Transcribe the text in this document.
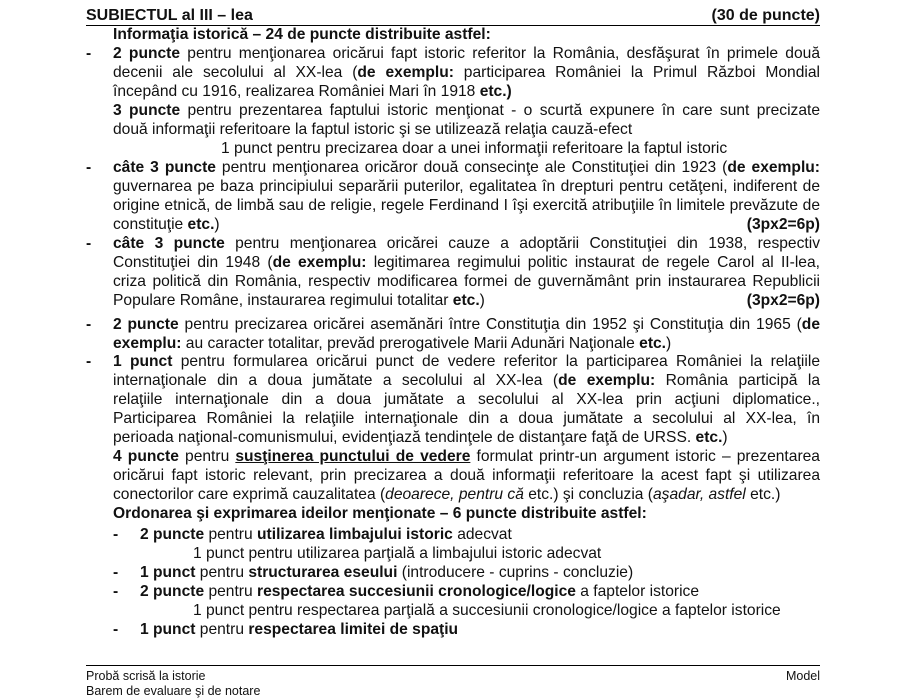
SUBIECTUL al III – lea	(30 de puncte)
Informaţia istorică – 24 de puncte distribuite astfel:
- 2 puncte pentru menţionarea oricărui fapt istoric referitor la România, desfăşurat în primele două
decenii ale secolului al XX-lea (de exemplu: participarea României la Primul Război Mondial
începând cu 1916, realizarea României Mari în 1918 etc.)
3 puncte pentru prezentarea faptului istoric menţionat - o scurtă expunere în care sunt precizate
două informaţii referitoare la faptul istoric şi se utilizează relaţia cauză-efect
1 punct pentru precizarea doar a unei informaţii referitoare la faptul istoric
- câte 3 puncte pentru menţionarea oricăror două consecinţe ale Constituţiei din 1923 (de exemplu:
guvernarea pe baza principiului separării puterilor, egalitatea în drepturi pentru cetăţeni, indiferent de
origine etnică, de limbă sau de religie, regele Ferdinand I îşi exercită atribuţiile în limitele prevăzute de
constituţie etc.)	(3px2=6p)
- câte 3 puncte pentru menţionarea oricărei cauze a adoptării Constituţiei din 1938, respectiv
Constituţiei din 1948 (de exemplu: legitimarea regimului politic instaurat de regele Carol al II-lea,
criza politică din România, respectiv modificarea formei de guvernământ prin instaurarea Republicii
Populare Române, instaurarea regimului totalitar etc.)	(3px2=6p)
- 2 puncte pentru precizarea oricărei asemănări între Constituţia din 1952 şi Constituţia din 1965 (de
exemplu: au caracter totalitar, prevăd prerogativele Marii Adunări Naţionale etc.)
- 1 punct pentru formularea oricărui punct de vedere referitor la participarea României la relaţiile
internaţionale din a doua jumătate a secolului al XX-lea (de exemplu: România participă la
relaţiile internaţionale din a doua jumătate a secolului al XX-lea prin acţiuni diplomatice.,
Participarea României la relaţiile internaţionale din a doua jumătate a secolului al XX-lea, în
perioada naţional-comunismului, evidenţiază tendinţele de distanţare faţă de URSS. etc.)
4 puncte pentru susţinerea punctului de vedere formulat printr-un argument istoric – prezentarea
oricărui fapt istoric relevant, prin precizarea a două informaţii referitoare la acest fapt şi utilizarea
conectorilor care exprimă cauzalitatea (deoarece, pentru că etc.) şi concluzia (aşadar, astfel etc.)
Ordonarea şi exprimarea ideilor menţionate – 6 puncte distribuite astfel:
- 2 puncte pentru utilizarea limbajului istoric adecvat
1 punct pentru utilizarea parţială a limbajului istoric adecvat
- 1 punct pentru structurarea eseului (introducere - cuprins - concluzie)
- 2 puncte pentru respectarea succesiunii cronologice/logice a faptelor istorice
1 punct pentru respectarea parţială a succesiunii cronologice/logice a faptelor istorice
- 1 punct pentru respectarea limitei de spaţiu
Probă scrisă la istorie
Barem de evaluare şi de notare
Model
